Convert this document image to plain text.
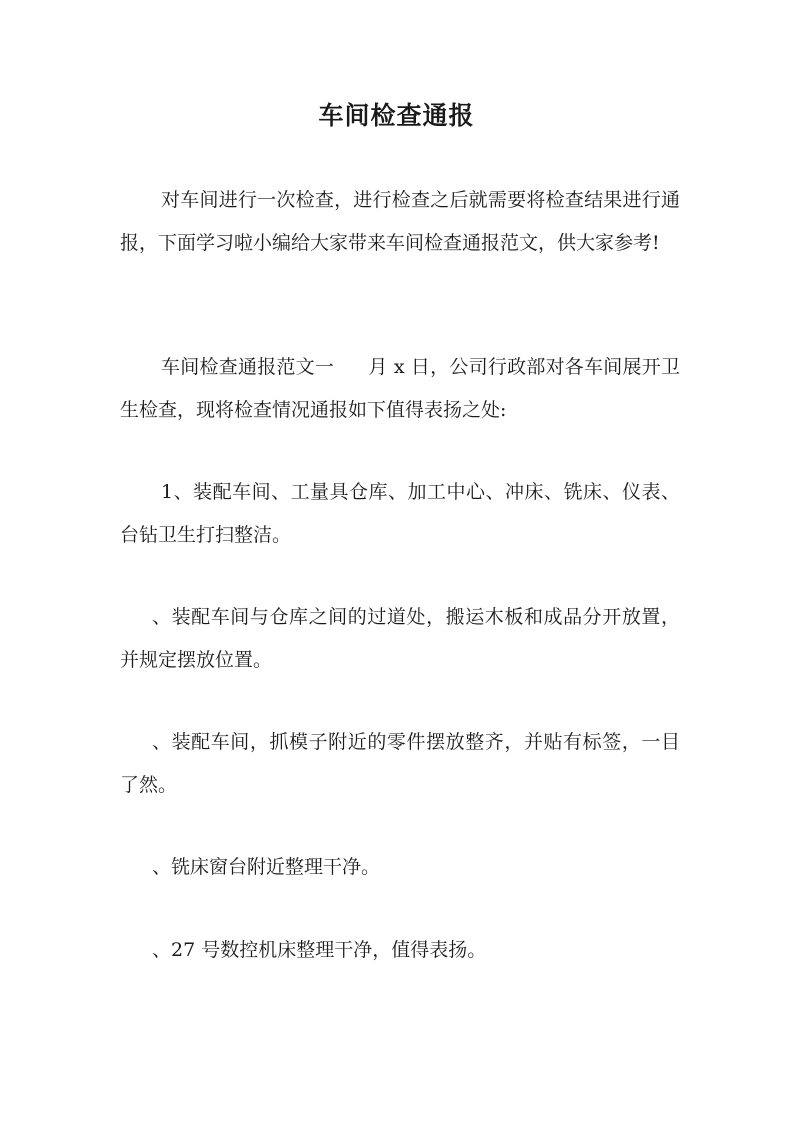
车间检查通报

对车间进行一次检查，进行检查之后就需要将检查结果进行通报，下面学习啦小编给大家带来车间检查通报范文，供大家参考!

车间检查通报范文一 月 x 日，公司行政部对各车间展开卫生检查，现将检查情况通报如下值得表扬之处:

1、装配车间、工量具仓库、加工中心、冲床、铣床、仪表、台钻卫生打扫整洁。

、装配车间与仓库之间的过道处，搬运木板和成品分开放置，并规定摆放位置。

、装配车间，抓模子附近的零件摆放整齐，并贴有标签，一目了然。

、铣床窗台附近整理干净。

、27 号数控机床整理干净，值得表扬。
